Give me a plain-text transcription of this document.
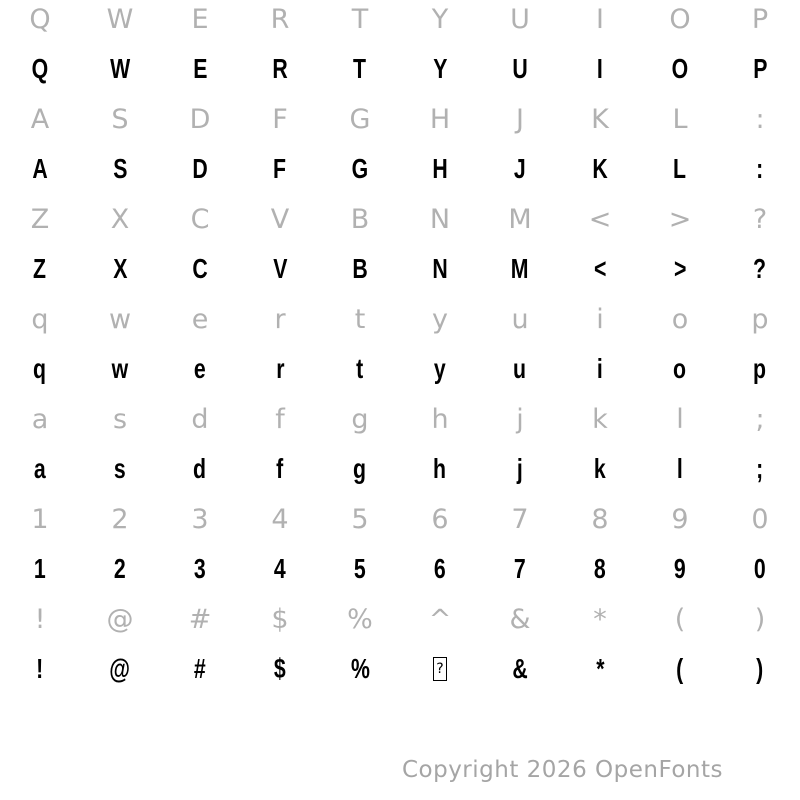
Q W E R T Y U I O P
Q W E R T Y U I O P
A S D F G H J K L	:
A S D F G H J K L :
Z X C V B N M < > ?
Z X C V B N M < > ?
q w e r	t y u	i	o p
q w e r	t	y u	i	o p
a s d f g h	j	k	l	;
a s d f g h	j	k	l	;
1 2 3 4 5 6 7 8 9 0
1 2 3 4 5 6 7 8 9 0
! @ # $ % ^ & *	(	)
! @ # $ %	? & *	(	)
Copyright 2026 OpenFonts
